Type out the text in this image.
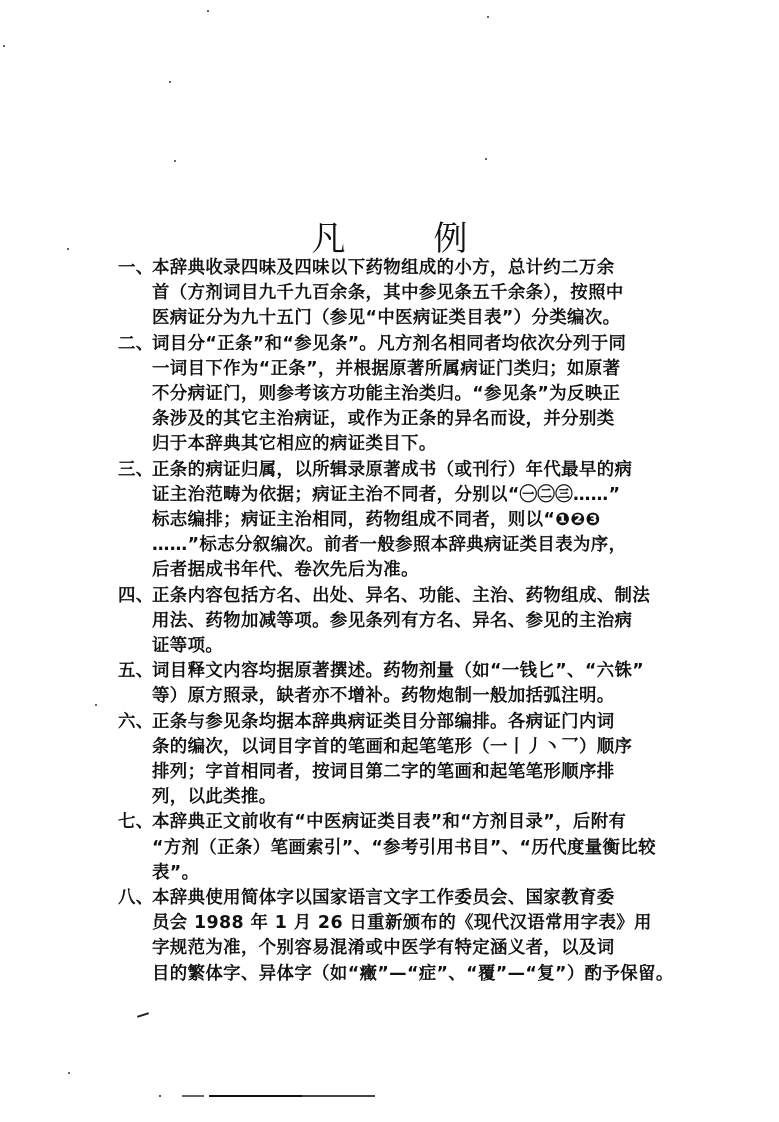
凡	例
一、本辞典收录四味及四味以下药物组成的小方，总计约二万余
首（方剂词目九千九百余条，其中参见条五千余条），按照中
医病证分为九十五门（参见“中医病证类目表”）分类编次。
二、词目分“正条”和“参见条”。凡方剂名相同者均依次分列于同
一词目下作为“正条”，并根据原著所属病证门类归；如原著
不分病证门，则参考该方功能主治类归。“参见条”为反映正
条涉及的其它主治病证，或作为正条的异名而设，并分别类
归于本辞典其它相应的病证类目下。
三、正条的病证归属，以所辑录原著成书（或刊行）年代最早的病
证主治范畴为依据；病证主治不同者，分别以“㊀㊁㊂……”
标志编排；病证主治相同，药物组成不同者，则以“❶❷❸
……”标志分叙编次。前者一般参照本辞典病证类目表为序，
后者据成书年代、卷次先后为准。
四、正条内容包括方名、出处、异名、功能、主治、药物组成、制法
用法、药物加减等项。参见条列有方名、异名、参见的主治病
证等项。
五、词目释文内容均据原著撰述。药物剂量（如“一钱匕”、“六铢”
等）原方照录，缺者亦不增补。药物炮制一般加括弧注明。
六、正条与参见条均据本辞典病证类目分部编排。各病证门内词
条的编次，以词目字首的笔画和起笔笔形（一丨丿丶乛）顺序
排列；字首相同者，按词目第二字的笔画和起笔笔形顺序排
列，以此类推。
七、本辞典正文前收有“中医病证类目表”和“方剂目录”，后附有
“方剂（正条）笔画索引”、“参考引用书目”、“历代度量衡比较
表”。
八、本辞典使用简体字以国家语言文字工作委员会、国家教育委
员会 1988 年 1 月 26 日重新颁布的《现代汉语常用字表》用
字规范为准，个别容易混淆或中医学有特定涵义者，以及词
目的繁体字、异体字（如“癥”—“症”、“覆”—“复”）酌予保留。
